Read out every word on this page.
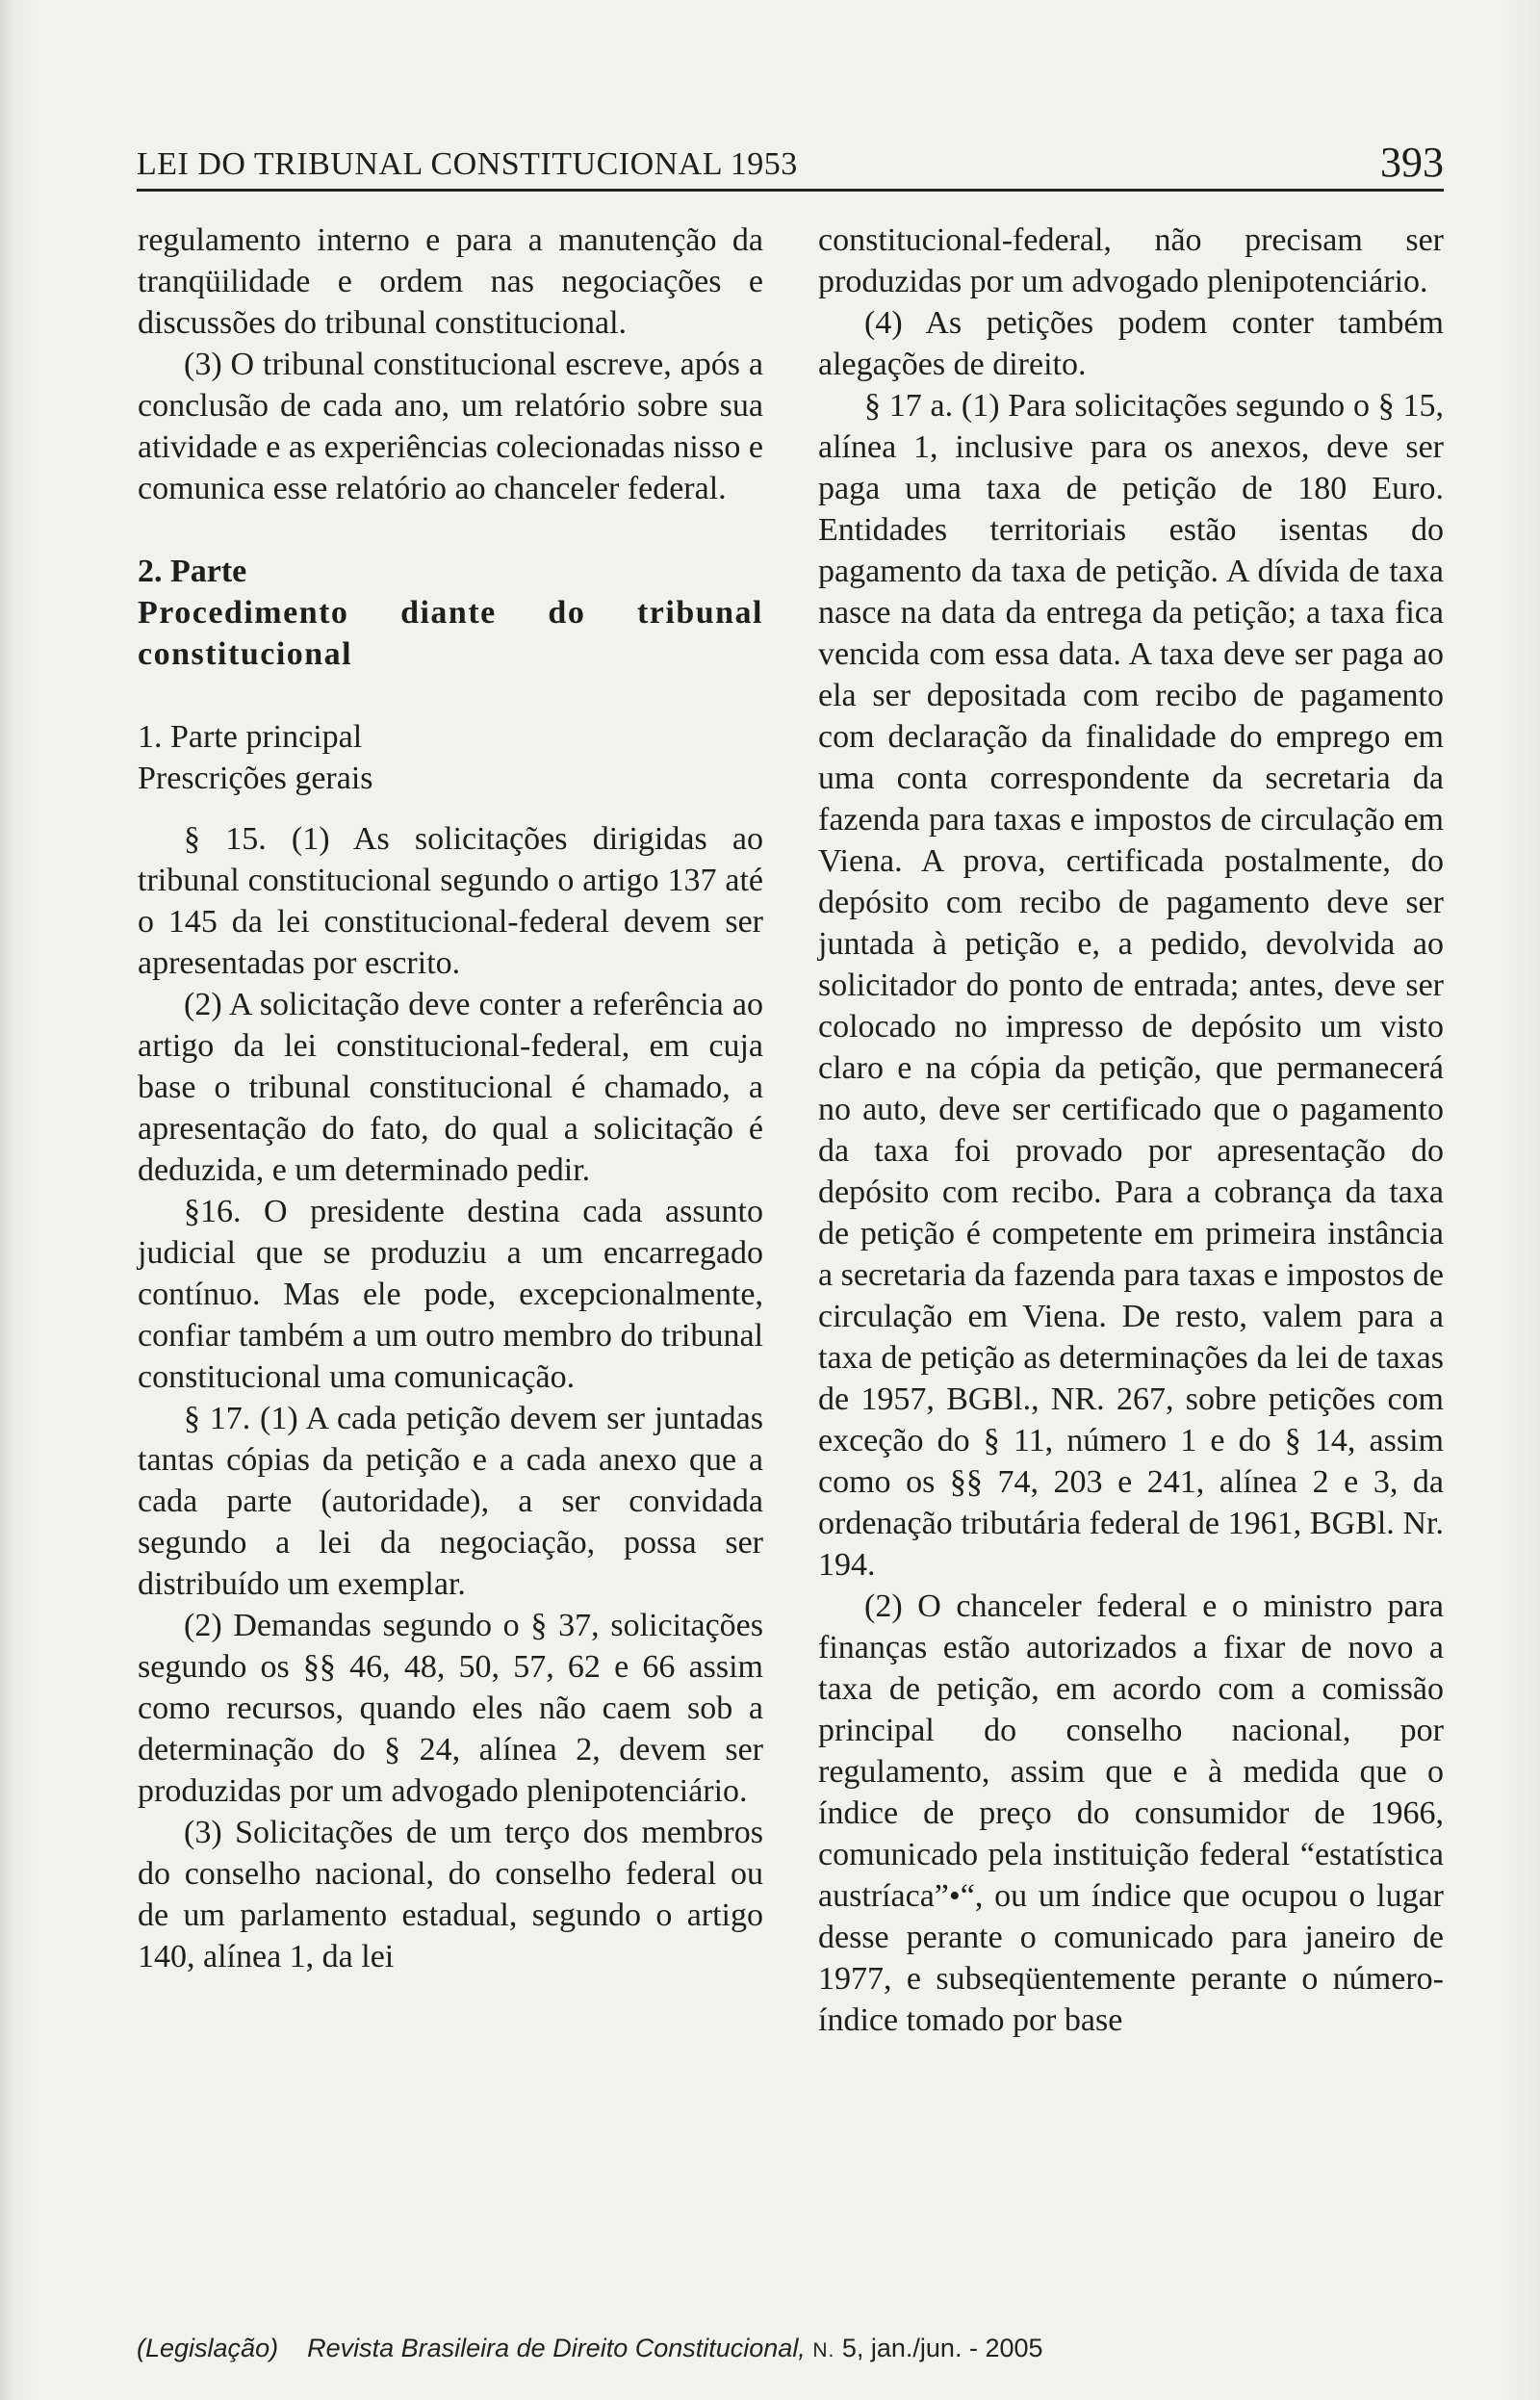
LEI DO TRIBUNAL CONSTITUCIONAL 1953	393

regulamento interno e para a manutenção da tranqüilidade e ordem nas negociações e discussões do tribunal constitucional.

(3) O tribunal constitucional escreve, após a conclusão de cada ano, um relatório sobre sua atividade e as experiências colecionadas nisso e comunica esse relatório ao chanceler federal.

2. Parte

Procedimento diante do tribunal constitucional

1. Parte principal

Prescrições gerais

§ 15. (1) As solicitações dirigidas ao tribunal constitucional segundo o artigo 137 até o 145 da lei constitucional-federal devem ser apresentadas por escrito.

(2) A solicitação deve conter a referência ao artigo da lei constitucional-federal, em cuja base o tribunal constitucional é chamado, a apresentação do fato, do qual a solicitação é deduzida, e um determinado pedir.

§16. O presidente destina cada assunto judicial que se produziu a um encarregado contínuo. Mas ele pode, excepcionalmente, confiar também a um outro membro do tribunal constitucional uma comunicação.

§ 17. (1) A cada petição devem ser juntadas tantas cópias da petição e a cada anexo que a cada parte (autoridade), a ser convidada segundo a lei da negociação, possa ser distribuído um exemplar.

(2) Demandas segundo o § 37, solicitações segundo os §§ 46, 48, 50, 57, 62 e 66 assim como recursos, quando eles não caem sob a determinação do § 24, alínea 2, devem ser produzidas por um advogado plenipotenciário.

(3) Solicitações de um terço dos membros do conselho nacional, do conselho federal ou de um parlamento estadual, segundo o artigo 140, alínea 1, da lei

constitucional-federal, não precisam ser produzidas por um advogado plenipotenciário.

(4) As petições podem conter também alegações de direito.

§ 17 a. (1) Para solicitações segundo o § 15, alínea 1, inclusive para os anexos, deve ser paga uma taxa de petição de 180 Euro. Entidades territoriais estão isentas do pagamento da taxa de petição. A dívida de taxa nasce na data da entrega da petição; a taxa fica vencida com essa data. A taxa deve ser paga ao ela ser depositada com recibo de pagamento com declaração da finalidade do emprego em uma conta correspondente da secretaria da fazenda para taxas e impostos de circulação em Viena. A prova, certificada postalmente, do depósito com recibo de pagamento deve ser juntada à petição e, a pedido, devolvida ao solicitador do ponto de entrada; antes, deve ser colocado no impresso de depósito um visto claro e na cópia da petição, que permanecerá no auto, deve ser certificado que o pagamento da taxa foi provado por apresentação do depósito com recibo. Para a cobrança da taxa de petição é competente em primeira instância a secretaria da fazenda para taxas e impostos de circulação em Viena. De resto, valem para a taxa de petição as determinações da lei de taxas de 1957, BGBl., NR. 267, sobre petições com exceção do § 11, número 1 e do § 14, assim como os §§ 74, 203 e 241, alínea 2 e 3, da ordenação tributária federal de 1961, BGBl. Nr. 194.

(2) O chanceler federal e o ministro para finanças estão autorizados a fixar de novo a taxa de petição, em acordo com a comissão principal do conselho nacional, por regulamento, assim que e à medida que o índice de preço do consumidor de 1966, comunicado pela instituição federal “estatística austríaca”•“, ou um índice que ocupou o lugar desse perante o comunicado para janeiro de 1977, e subseqüentemente perante o número-índice tomado por base

(Legislação) Revista Brasileira de Direito Constitucional, N. 5, jan./jun. - 2005
